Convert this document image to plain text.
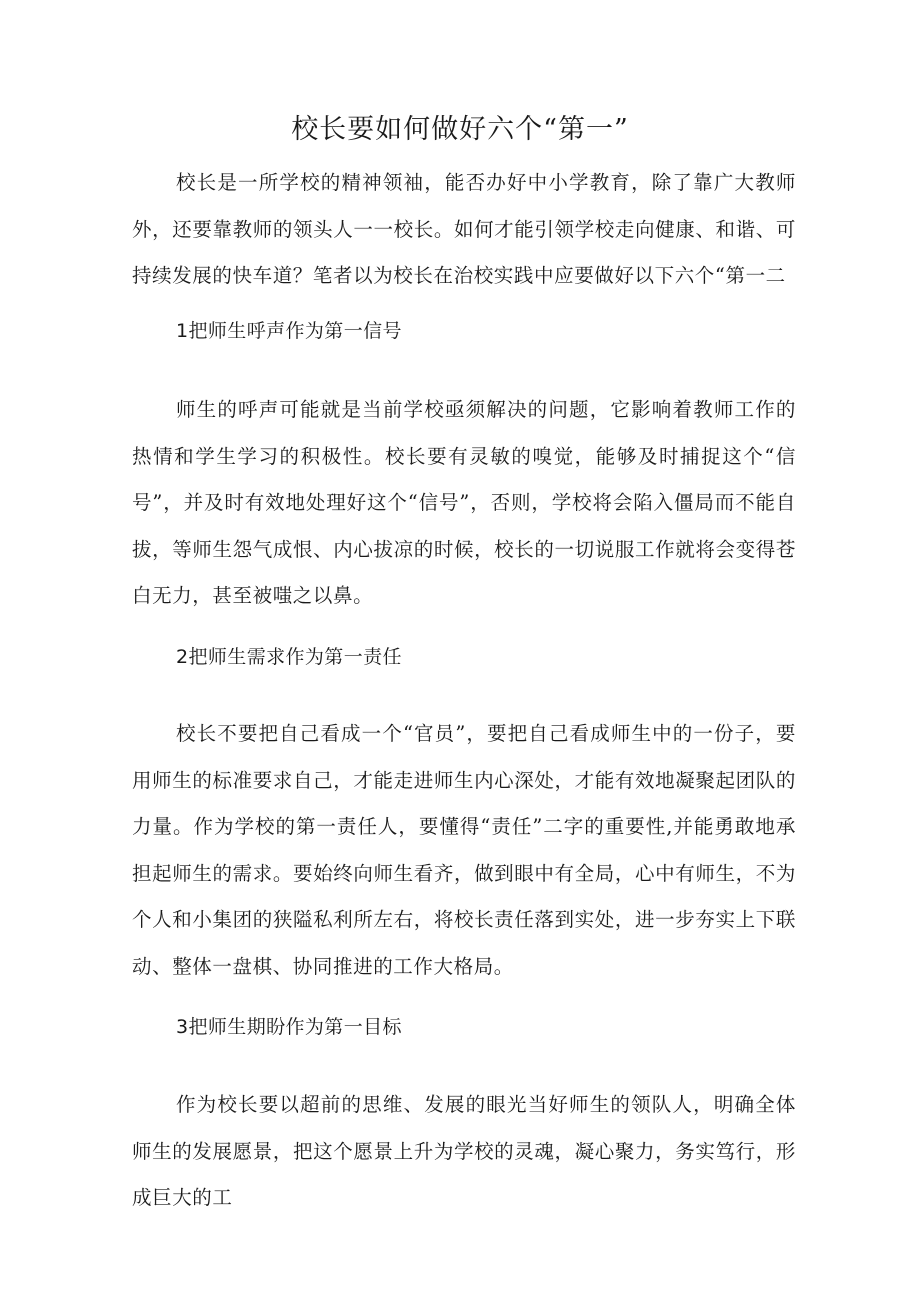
校长要如何做好六个“第一”

校长是一所学校的精神领袖，能否办好中小学教育，除了靠广大教师外，还要靠教师的领头人一一校长。如何才能引领学校走向健康、和谐、可持续发展的快车道？笔者以为校长在治校实践中应要做好以下六个“第一二

1把师生呼声作为第一信号

师生的呼声可能就是当前学校亟须解决的问题，它影响着教师工作的热情和学生学习的积极性。校长要有灵敏的嗅觉，能够及时捕捉这个“信号”，并及时有效地处理好这个“信号”，否则，学校将会陷入僵局而不能自拔，等师生怨气成恨、内心拔凉的时候，校长的一切说服工作就将会变得苍白无力，甚至被嗤之以鼻。

2把师生需求作为第一责任

校长不要把自己看成一个“官员”，要把自己看成师生中的一份子，要用师生的标准要求自己，才能走进师生内心深处，才能有效地凝聚起团队的力量。作为学校的第一责任人，要懂得“责任”二字的重要性,并能勇敢地承担起师生的需求。要始终向师生看齐，做到眼中有全局，心中有师生，不为个人和小集团的狭隘私利所左右，将校长责任落到实处，进一步夯实上下联动、整体一盘棋、协同推进的工作大格局。

3把师生期盼作为第一目标

作为校长要以超前的思维、发展的眼光当好师生的领队人，明确全体师生的发展愿景，把这个愿景上升为学校的灵魂，凝心聚力，务实笃行，形成巨大的工
